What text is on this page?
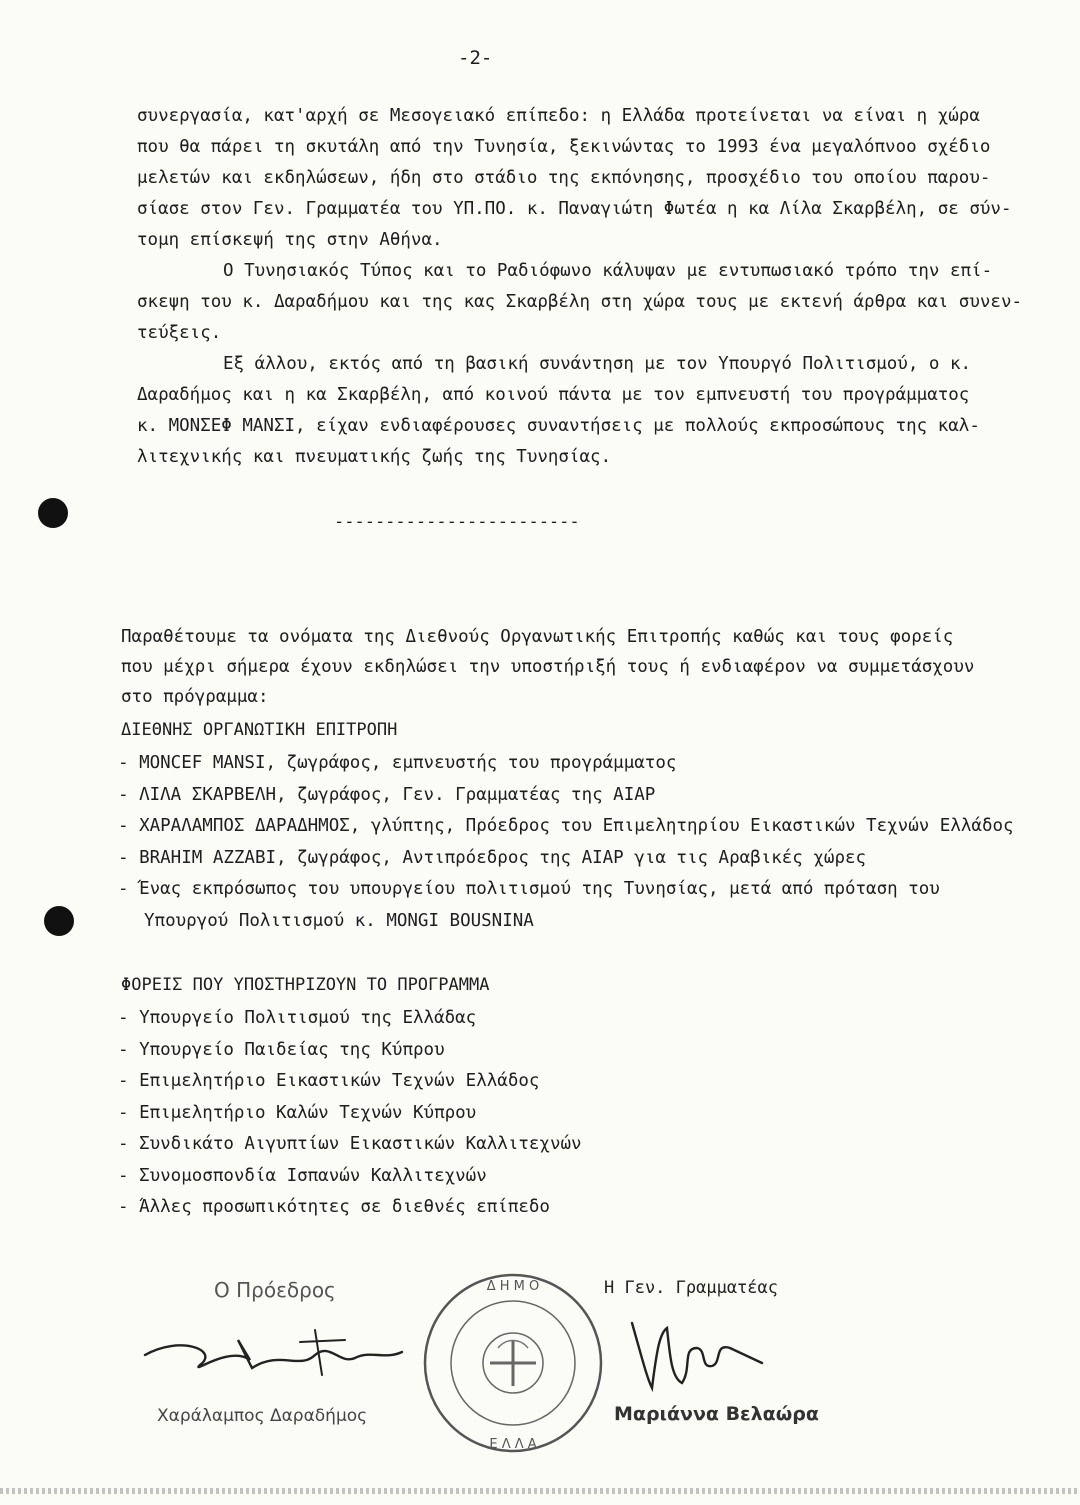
-2-

συνεργασία, κατ'αρχή σε Μεσογειακό επίπεδο: η Ελλάδα προτείνεται να είναι η χώρα
που θα πάρει τη σκυτάλη από την Τυνησία, ξεκινώντας το 1993 ένα μεγαλόπνοο σχέδιο
μελετών και εκδηλώσεων, ήδη στο στάδιο της εκπόνησης, προσχέδιο του οποίου παρου-
σίασε στον Γεν. Γραμματέα του ΥΠ.ΠΟ. κ. Παναγιώτη Φωτέα η κα Λίλα Σκαρβέλη, σε σύν-
τομη επίσκεψή της στην Αθήνα.

Ο Τυνησιακός Τύπος και το Ραδιόφωνο κάλυψαν με εντυπωσιακό τρόπο την επί-
σκεψη του κ. Δαραδήμου και της κας Σκαρβέλη στη χώρα τους με εκτενή άρθρα και συνεν-
τεύξεις.

Εξ άλλου, εκτός από τη βασική συνάντηση με τον Υπουργό Πολιτισμού, ο κ.
Δαραδήμος και η κα Σκαρβέλη, από κοινού πάντα με τον εμπνευστή του προγράμματος
κ. ΜΟΝΣΕΦ ΜΑΝΣΙ, είχαν ενδιαφέρουσες συναντήσεις με πολλούς εκπροσώπους της καλ-
λιτεχνικής και πνευματικής ζωής της Τυνησίας.

------------------------
Παραθέτουμε τα ονόματα της Διεθνούς Οργανωτικής Επιτροπής καθώς και τους φορείς
που μέχρι σήμερα έχουν εκδηλώσει την υποστήριξή τους ή ενδιαφέρον να συμμετάσχουν
στο πρόγραμμα:
ΔΙΕΘΝΗΣ ΟΡΓΑΝΩΤΙΚΗ ΕΠΙΤΡΟΠΗ
- MONCEF MANSI, ζωγράφος, εμπνευστής του προγράμματος
- ΛΙΛΑ ΣΚΑΡΒΕΛΗ, ζωγράφος, Γεν. Γραμματέας της AIAP
- ΧΑΡΑΛΑΜΠΟΣ ΔΑΡΑΔΗΜΟΣ, γλύπτης, Πρόεδρος του Επιμελητηρίου Εικαστικών Τεχνών Ελλάδος
- BRAHIM AZZABI, ζωγράφος, Αντιπρόεδρος της AIAP για τις Αραβικές χώρες
- Ένας εκπρόσωπος του υπουργείου πολιτισμού της Τυνησίας, μετά από πρόταση του
Υπουργού Πολιτισμού κ. MONGI BOUSNINA
ΦΟΡΕΙΣ ΠΟΥ ΥΠΟΣΤΗΡΙΖΟΥΝ ΤΟ ΠΡΟΓΡΑΜΜΑ
- Υπουργείο Πολιτισμού της Ελλάδας
- Υπουργείο Παιδείας της Κύπρου
- Επιμελητήριο Εικαστικών Τεχνών Ελλάδος
- Επιμελητήριο Καλών Τεχνών Κύπρου
- Συνδικάτο Αιγυπτίων Εικαστικών Καλλιτεχνών
- Συνομοσπονδία Ισπανών Καλλιτεχνών
- Άλλες προσωπικότητες σε διεθνές επίπεδο
Ο Πρόεδρος
Χαράλαμπος Δαραδήμος
Δ Η Μ Ο
Ε Λ Λ Α
Η Γεν. Γραμματέας
Μαριάννα Βελαώρα
